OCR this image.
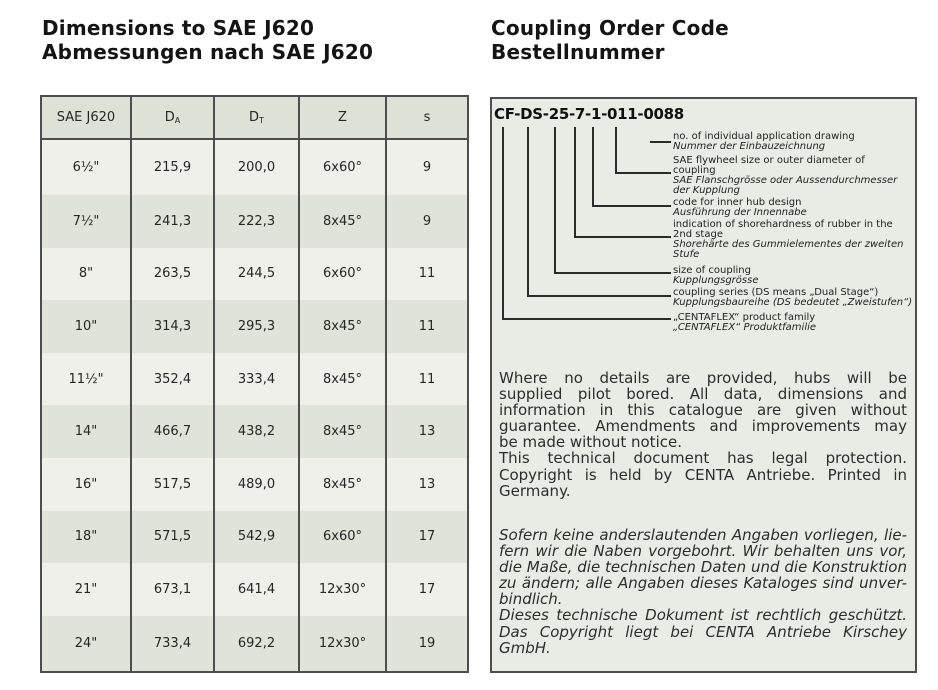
Dimensions to SAE J620
Abmessungen nach SAE J620
Coupling Order Code
Bestellnummer
SAE J620	$D_A$	$D_T$	Z	s
6½"	215,9	200,0	6x60°	9
7½"	241,3	222,3	8x45°	9
8"	263,5	244,5	6x60°	11
10"	314,3	295,3	8x45°	11
11½"	352,4	333,4	8x45°	11
14"	466,7	438,2	8x45°	13
16"	517,5	489,0	8x45°	13
18"	571,5	542,9	6x60°	17
21"	673,1	641,4	12x30°	17
24"	733,4	692,2	12x30°	19
CF-DS-25-7-1-011-0088
no. of individual application drawing
Nummer der Einbauzeichnung
SAE flywheel size or outer diameter of
coupling
SAE Flanschgrösse oder Aussendurchmesser
der Kupplung
code for inner hub design
Ausführung der Innennabe
indication of shorehardness of rubber in the
2nd stage
Shorehärte des Gummielementes der zweiten
Stufe
size of coupling
Kupplungsgrösse
coupling series (DS means „Dual Stage“)
Kupplungsbaureihe (DS bedeutet „Zweistufen“)
„CENTAFLEX“ product family
„CENTAFLEX“ Produktfamilie
Where no details are provided, hubs will be
supplied pilot bored. All data, dimensions and
information in this catalogue are given without
guarantee. Amendments and improvements may
be made without notice.
This technical document has legal protection.
Copyright is held by CENTA Antriebe. Printed in
Germany.
Sofern keine anderslautenden Angaben vorliegen, lie-
fern wir die Naben vorgebohrt. Wir behalten uns vor,
die Maße, die technischen Daten und die Konstruktion
zu ändern; alle Angaben dieses Kataloges sind unver-
bindlich.
Dieses technische Dokument ist rechtlich geschützt.
Das Copyright liegt bei CENTA Antriebe Kirschey
GmbH.
